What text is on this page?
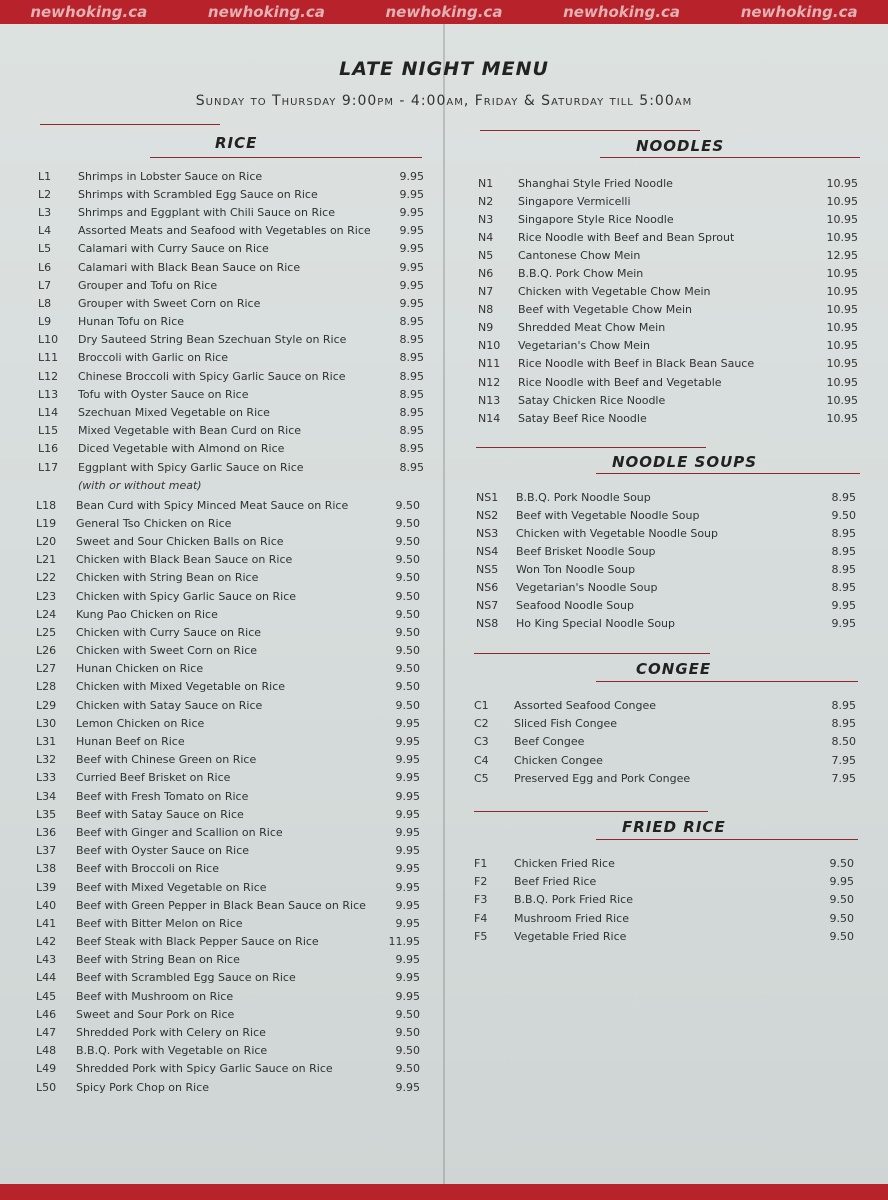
newhoking.ca	newhoking.ca	newhoking.ca	newhoking.ca	newhoking.ca
LATE NIGHT MENU
Sunday to Thursday 9:00pm - 4:00am, Friday & Saturday till 5:00am
RICE
L1	Shrimps in Lobster Sauce on Rice	9.95
L2	Shrimps with Scrambled Egg Sauce on Rice	9.95
L3	Shrimps and Eggplant with Chili Sauce on Rice	9.95
L4	Assorted Meats and Seafood with Vegetables on Rice	9.95
L5	Calamari with Curry Sauce on Rice	9.95
L6	Calamari with Black Bean Sauce on Rice	9.95
L7	Grouper and Tofu on Rice	9.95
L8	Grouper with Sweet Corn on Rice	9.95
L9	Hunan Tofu on Rice	8.95
L10	Dry Sauteed String Bean Szechuan Style on Rice	8.95
L11	Broccoli with Garlic on Rice	8.95
L12	Chinese Broccoli with Spicy Garlic Sauce on Rice	8.95
L13	Tofu with Oyster Sauce on Rice	8.95
L14	Szechuan Mixed Vegetable on Rice	8.95
L15	Mixed Vegetable with Bean Curd on Rice	8.95
L16	Diced Vegetable with Almond on Rice	8.95
L17	Eggplant with Spicy Garlic Sauce on Rice	8.95
(with or without meat)
L18	Bean Curd with Spicy Minced Meat Sauce on Rice	9.50
L19	General Tso Chicken on Rice	9.50
L20	Sweet and Sour Chicken Balls on Rice	9.50
L21	Chicken with Black Bean Sauce on Rice	9.50
L22	Chicken with String Bean on Rice	9.50
L23	Chicken with Spicy Garlic Sauce on Rice	9.50
L24	Kung Pao Chicken on Rice	9.50
L25	Chicken with Curry Sauce on Rice	9.50
L26	Chicken with Sweet Corn on Rice	9.50
L27	Hunan Chicken on Rice	9.50
L28	Chicken with Mixed Vegetable on Rice	9.50
L29	Chicken with Satay Sauce on Rice	9.50
L30	Lemon Chicken on Rice	9.95
L31	Hunan Beef on Rice	9.95
L32	Beef with Chinese Green on Rice	9.95
L33	Curried Beef Brisket on Rice	9.95
L34	Beef with Fresh Tomato on Rice	9.95
L35	Beef with Satay Sauce on Rice	9.95
L36	Beef with Ginger and Scallion on Rice	9.95
L37	Beef with Oyster Sauce on Rice	9.95
L38	Beef with Broccoli on Rice	9.95
L39	Beef with Mixed Vegetable on Rice	9.95
L40	Beef with Green Pepper in Black Bean Sauce on Rice	9.95
L41	Beef with Bitter Melon on Rice	9.95
L42	Beef Steak with Black Pepper Sauce on Rice	11.95
L43	Beef with String Bean on Rice	9.95
L44	Beef with Scrambled Egg Sauce on Rice	9.95
L45	Beef with Mushroom on Rice	9.95
L46	Sweet and Sour Pork on Rice	9.50
L47	Shredded Pork with Celery on Rice	9.50
L48	B.B.Q. Pork with Vegetable on Rice	9.50
L49	Shredded Pork with Spicy Garlic Sauce on Rice	9.50
L50	Spicy Pork Chop on Rice	9.95
NOODLES
N1	Shanghai Style Fried Noodle	10.95
N2	Singapore Vermicelli	10.95
N3	Singapore Style Rice Noodle	10.95
N4	Rice Noodle with Beef and Bean Sprout	10.95
N5	Cantonese Chow Mein	12.95
N6	B.B.Q. Pork Chow Mein	10.95
N7	Chicken with Vegetable Chow Mein	10.95
N8	Beef with Vegetable Chow Mein	10.95
N9	Shredded Meat Chow Mein	10.95
N10	Vegetarian's Chow Mein	10.95
N11	Rice Noodle with Beef in Black Bean Sauce	10.95
N12	Rice Noodle with Beef and Vegetable	10.95
N13	Satay Chicken Rice Noodle	10.95
N14	Satay Beef Rice Noodle	10.95
NOODLE SOUPS
NS1	B.B.Q. Pork Noodle Soup	8.95
NS2	Beef with Vegetable Noodle Soup	9.50
NS3	Chicken with Vegetable Noodle Soup	8.95
NS4	Beef Brisket Noodle Soup	8.95
NS5	Won Ton Noodle Soup	8.95
NS6	Vegetarian's Noodle Soup	8.95
NS7	Seafood Noodle Soup	9.95
NS8	Ho King Special Noodle Soup	9.95
CONGEE
C1	Assorted Seafood Congee	8.95
C2	Sliced Fish Congee	8.95
C3	Beef Congee	8.50
C4	Chicken Congee	7.95
C5	Preserved Egg and Pork Congee	7.95
FRIED RICE
F1	Chicken Fried Rice	9.50
F2	Beef Fried Rice	9.95
F3	B.B.Q. Pork Fried Rice	9.50
F4	Mushroom Fried Rice	9.50
F5	Vegetable Fried Rice	9.50
